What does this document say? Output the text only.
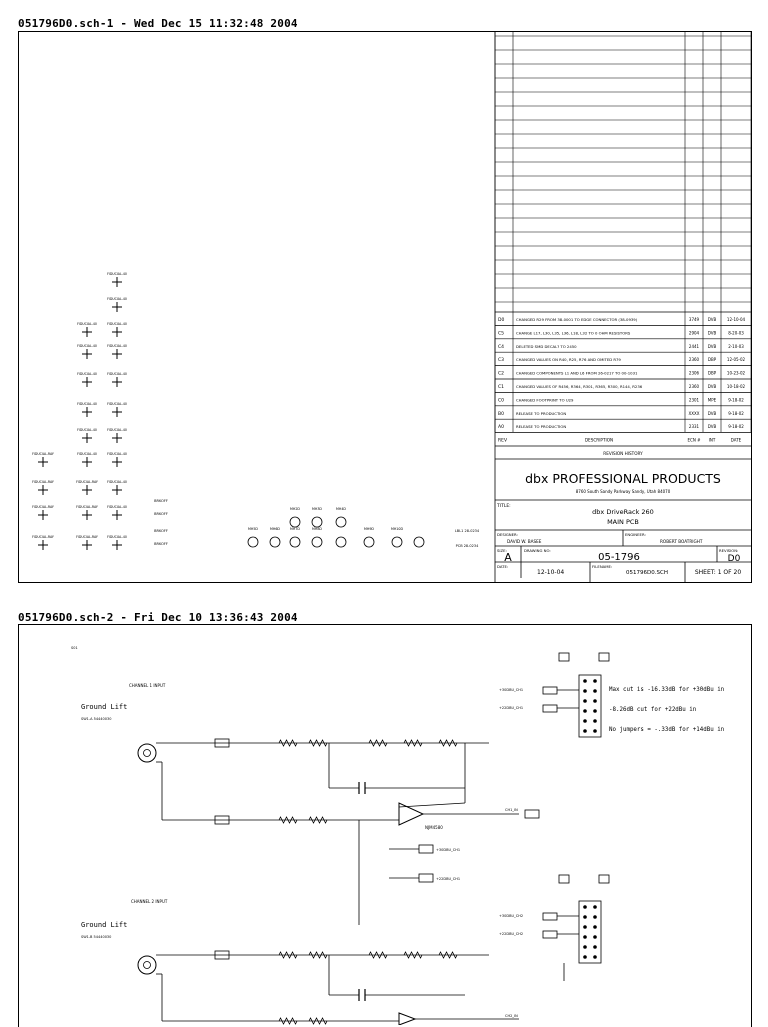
051796D0.sch-1 - Wed Dec 15 11:32:48 2004
D0	CHANGED R29 FROM 38-0001 TO EDGE CONNECTOR (38-0939)	3749 DVB	12-10-04
C5	CHANGE L17, L30, L35, L36, L18, L32 TO 0 OHM RESISTORS	2904 DVB	8-20-03
C4	DELETED SMD DECAL? TO 2450	2441 DVB	2-10-03
C3	CHANGED VALUES ON R40, R25, R76 AND OMITED R79	2360 DBP	12-05-02
C2	CHANGED COMPONENTS L1 AND L6 FROM 26-0217 TO 00-1031	2306 DBP	10-23-02
C1	CHANGED VALUES OF R456, R364, R301, R365, R300, R144, R236	2360 DVB	10-18-02
C0	CHANGED FOOTPRINT TO U29	2301 MPE	9-18-02
B0	RELEASE TO PRODUCTION	XXXX DVB	9-18-02
A0	RELEASE TO PRODUCTION	2331 DVB	9-18-02
REV	DESCRIPTION	ECN # INT	DATE
REVISION HISTORY
dbx PROFESSIONAL PRODUCTS
8760 South Sandy Parkway Sandy, Utah 84070
TITLE:
dbx DriveRack 260
MAIN PCB
DESIGNER:
DAVID W. BASEE
ENGINEER:
ROBERT BOATRIGHT
SIZE:
A
DRAWING NO:
05-1796
REVISION:
D0
DATE:
12-10-04
FILENAME:
051796D0.SCH	SHEET: 1 OF 20
FIDUCIAL-40
FIDUCIAL-40
FIDUCIAL-40
FIDUCIAL-40
FIDUCIAL-40
FIDUCIAL-40
FIDUCIAL-40
FIDUCIAL-40
FIDUCIAL-40
FIDUCIAL-40
FIDUCIAL-40
FIDUCIAL-40
FIDUCIAL-40
FIDUCIAL-40
FIDUCIAL-40
FIDUCIAL-40
FIDUCIAL-40
FIDUCIAL-RAY
FIDUCIAL-RAY
FIDUCIAL-RAY
FIDUCIAL-RAY
FIDUCIAL-RAY
FIDUCIAL-RAY
FIDUCIAL-RAY
BRKOFF
BRKOFF
BRKOFF
BRKOFF
MH2D	MH3D	MH4D
MH5D	MH6D	MH7D	MH8D	MH9D	MH10D	LBL1 28-0234
PCB 28-0234
051796D0.sch-2 - Fri Dec 10 13:36:43 2004
S01
Ground Lift
CHANNEL 1 INPUT
SW1-A 54440030
NJM4580
CH1_IN
+30DBU_CH1
+22DBU_CH1
+30DBU_CH1
+22DBU_CH1
Max cut is -16.33dB for +30dBu in
-8.26dB cut for +22dBu in
No jumpers = -.33dB for +14dBu in
Ground Lift
CHANNEL 2 INPUT
SW1-B 54440030
CH2_IN
+30DBU_CH2
+22DBU_CH2
